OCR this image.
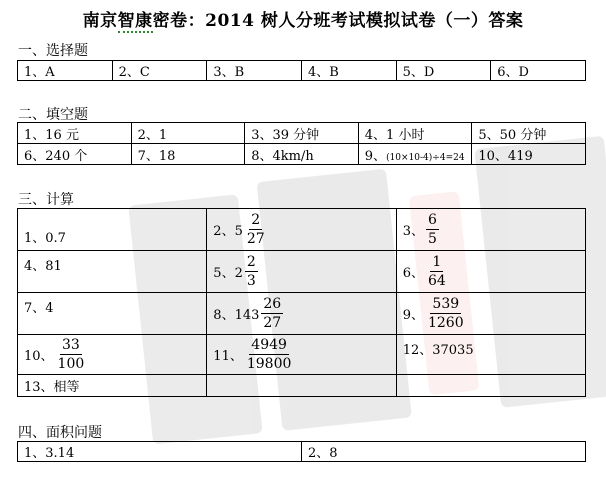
南京智康密卷：2014 树人分班考试模拟试卷（一）答案
一、选择题
1、A	2、C	3、B	4、B	5、D	6、D
二、填空题
1、16 元	2、1	3、39 分钟	4、1 小时	5、50 分钟
6、240 个	7、18	8、4km/h	9、(10×10-4)÷4=24	10、419
三、计算
1、0.7	2、$5 \frac{2}{27}$	3、 $\frac{6}{5}$

4、81	5、$2 \frac{2}{3}$	6、 $\frac{1}{64}$

7、4	8、$143 \frac{26}{27}$	9、 $\frac{539}{1260}$

10、 $\frac{33}{100}$	11、 $\frac{4949}{19800}$	12、37035
13、相等		
四、面积问题
1、3.14	2、8
